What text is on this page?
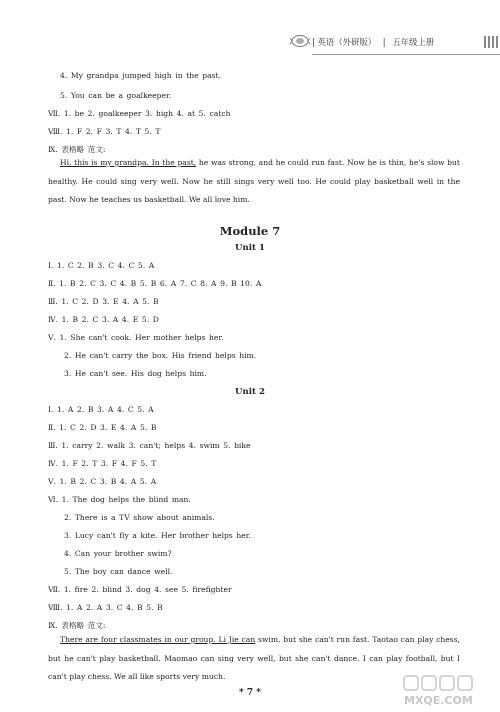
| 英语（外研版） | 五年级上册
4. My grandpa jumped high in the past.
5. You can be a goalkeeper.
Ⅶ. 1. be 2. goalkeeper 3. high 4. at 5. catch
Ⅷ. 1. F 2. F 3. T 4. T 5. T
Ⅸ. 表格略 范文:
Hi, this is my grandpa. In the past, he was strong, and he could run fast. Now he is thin, he's slow but healthy. He could sing very well. Now he still sings very well too. He could play basketball well in the past. Now he teaches us basketball. We all love him.
Module 7
Unit 1
Ⅰ. 1. C 2. B 3. C 4. C 5. A
Ⅱ. 1. B 2. C 3. C 4. B 5. B 6. A 7. C 8. A 9. B 10. A
Ⅲ. 1. C 2. D 3. E 4. A 5. B
Ⅳ. 1. B 2. C 3. A 4. E 5. D
Ⅴ. 1. She can't cook. Her mother helps her.
2. He can't carry the box. His friend helps him.
3. He can't see. His dog helps him.
Unit 2
Ⅰ. 1. A 2. B 3. A 4. C 5. A
Ⅱ. 1. C 2. D 3. E 4. A 5. B
Ⅲ. 1. carry 2. walk 3. can't; helps 4. swim 5. bike
Ⅳ. 1. F 2. T 3. F 4. F 5. T
Ⅴ. 1. B 2. C 3. B 4. A 5. A
Ⅵ. 1. The dog helps the blind man.
2. There is a TV show about animals.
3. Lucy can't fly a kite. Her brother helps her.
4. Can your brother swim?
5. The boy can dance well.
Ⅶ. 1. fire 2. blind 3. dog 4. see 5. firefighter
Ⅷ. 1. A 2. A 3. C 4. B 5. B
Ⅸ. 表格略 范文:
There are four classmates in our group. Li Jie can swim, but she can't run fast. Taotao can play chess, but he can't play basketball. Maomao can sing very well, but she can't dance. I can play football, but I can't play chess. We all like sports very much.
* 7 *
MXQE.COM
